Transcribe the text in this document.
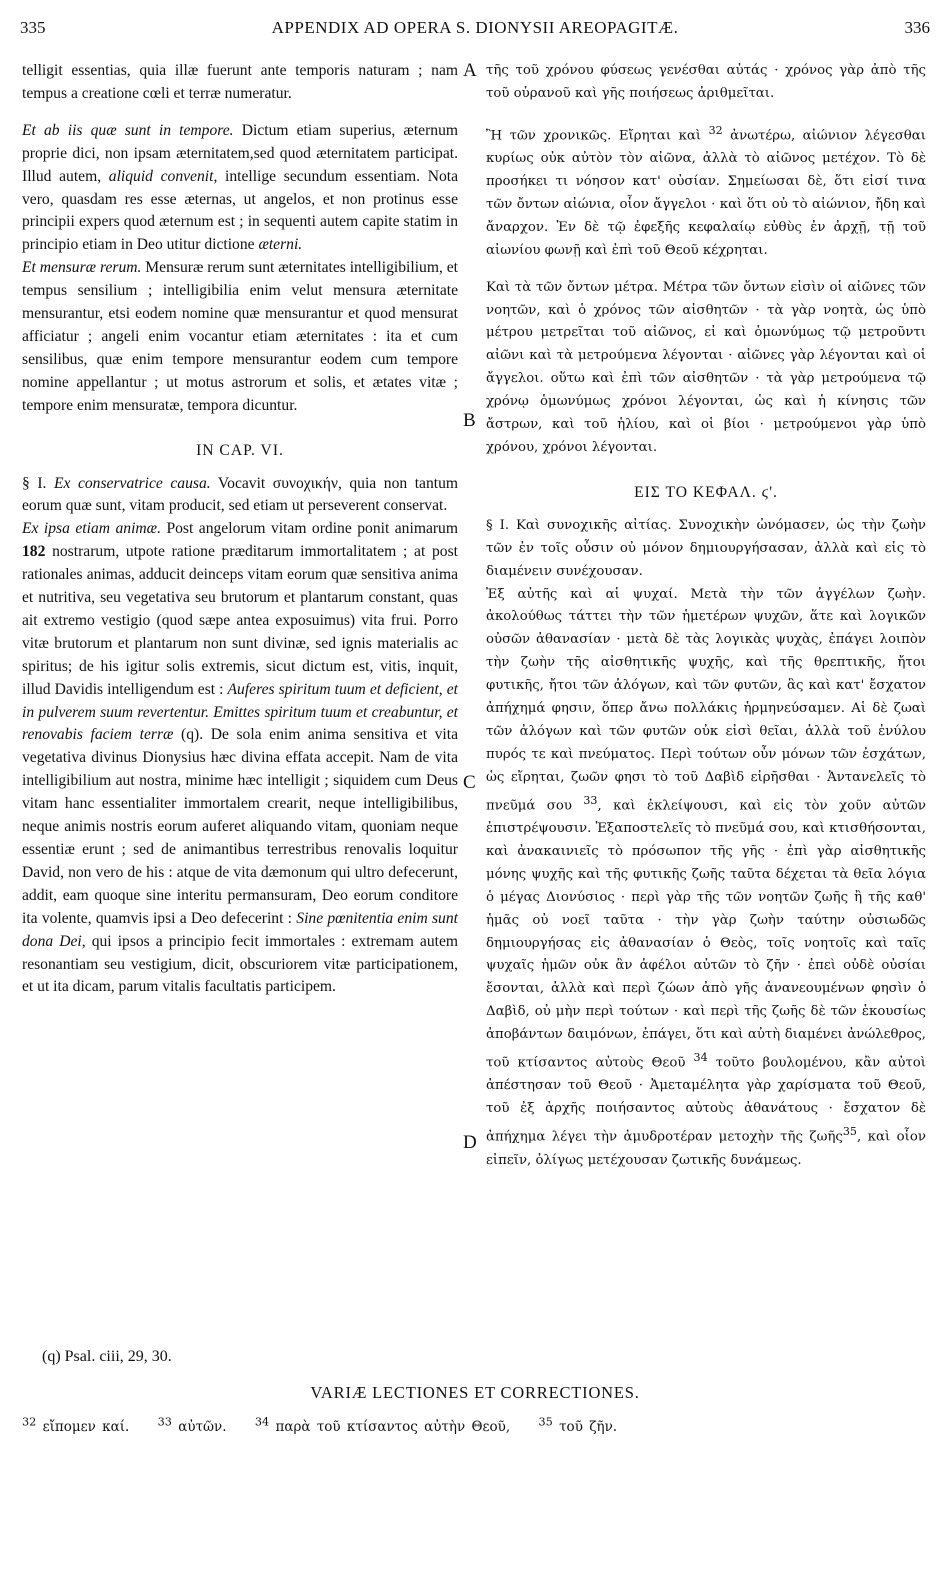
335	APPENDIX AD OPERA S. DIONYSII AREOPAGITÆ.	336
A
B
C
D

telligit essentias, quia illæ fuerunt ante temporis naturam ; nam tempus a creatione cœli et terræ numeratur.

Et ab iis quæ sunt in tempore. Dictum etiam superius, æternum proprie dici, non ipsam æternitatem,sed quod æternitatem participat. Illud autem, aliquid convenit, intellige secundum essentiam. Nota vero, quasdam res esse æternas, ut angelos, et non protinus esse principii expers quod æternum est ; in sequenti autem capite statim in principio etiam in Deo utitur dictione æterni.

Et mensuræ rerum. Mensuræ rerum sunt æternitates intelligibilium, et tempus sensilium ; intelligibilia enim velut mensura æternitate mensurantur, etsi eodem nomine quæ mensurantur et quod mensurat afficiatur ; angeli enim vocantur etiam æternitates : ita et cum sensilibus, quæ enim tempore mensurantur eodem cum tempore nomine appellantur ; ut motus astrorum et solis, et ætates vitæ ; tempore enim mensuratæ, tempora dicuntur.

IN CAP. VI.

§ I. Ex conservatrice causa. Vocavit συνοχικήν, quia non tantum eorum quæ sunt, vitam producit, sed etiam ut perseverent conservat.

Ex ipsa etiam animæ. Post angelorum vitam ordine ponit animarum 182 nostrarum, utpote ratione præditarum immortalitatem ; at post rationales animas, adducit deinceps vitam eorum quæ sensitiva anima et nutritiva, seu vegetativa seu brutorum et plantarum constant, quas ait extremo vestigio (quod sæpe antea exposuimus) vita frui. Porro vitæ brutorum et plantarum non sunt divinæ, sed ignis materialis ac spiritus; de his igitur solis extremis, sicut dictum est, vitis, inquit, illud Davidis intelligendum est : Auferes spiritum tuum et deficient, et in pulverem suum revertentur. Emittes spiritum tuum et creabuntur, et renovabis faciem terræ (q). De sola enim anima sensitiva et vita vegetativa divinus Dionysius hæc divina effata accepit. Nam de vita intelligibilium aut nostra, minime hæc intelligit ; siquidem cum Deus vitam hanc essentialiter immortalem crearit, neque intelligibilibus, neque animis nostris eorum auferet aliquando vitam, quoniam neque essentiæ erunt ; sed de animantibus terrestribus renovalis loquitur David, non vero de his : atque de vita dæmonum qui ultro defecerunt, addit, eam quoque sine interitu permansuram, Deo eorum conditore ita volente, quamvis ipsi a Deo defecerint : Sine pœnitentia enim sunt dona Dei, qui ipsos a principio fecit immortales : extremam autem resonantiam seu vestigium, dicit, obscuriorem vitæ participationem, et ut ita dicam, parum vitalis facultatis participem.

τῆς τοῦ χρόνου φύσεως γενέσθαι αὐτάς · χρόνος γὰρ ἀπὸ τῆς τοῦ οὐρανοῦ καὶ γῆς ποιήσεως ἀριθμεῖται.

Ἢ τῶν χρονικῶς. Εἴρηται καὶ $^{32}$ ἀνωτέρω, αἰώνιον λέγεσθαι κυρίως οὐκ αὐτὸν τὸν αἰῶνα, ἀλλὰ τὸ αἰῶνος μετέχον. Τὸ δὲ προσήκει τι νόησον κατ' οὐσίαν. Σημείωσαι δὲ, ὅτι εἰσί τινα τῶν ὄντων αἰώνια, οἷον ἄγγελοι · καὶ ὅτι οὐ τὸ αἰώνιον, ἤδη καὶ ἄναρχον. Ἐν δὲ τῷ ἐφεξῆς κεφαλαίῳ εὐθὺς ἐν ἀρχῇ, τῇ τοῦ αἰωνίου φωνῇ καὶ ἐπὶ τοῦ Θεοῦ κέχρηται.

Καὶ τὰ τῶν ὄντων μέτρα. Μέτρα τῶν ὄντων εἰσὶν οἱ αἰῶνες τῶν νοητῶν, καὶ ὁ χρόνος τῶν αἰσθητῶν · τὰ γὰρ νοητὰ, ὡς ὑπὸ μέτρου μετρεῖται τοῦ αἰῶνος, εἰ καὶ ὁμωνύμως τῷ μετροῦντι αἰῶνι καὶ τὰ μετρούμενα λέγονται · αἰῶνες γὰρ λέγονται καὶ οἱ ἄγγελοι. οὕτω καὶ ἐπὶ τῶν αἰσθητῶν · τὰ γὰρ μετρούμενα τῷ χρόνῳ ὁμωνύμως χρόνοι λέγονται, ὡς καὶ ἡ κίνησις τῶν ἄστρων, καὶ τοῦ ἡλίου, καὶ οἱ βίοι · μετρούμενοι γὰρ ὑπὸ χρόνου, χρόνοι λέγονται.

ΕΙΣ ΤΟ ΚΕΦΑΛ. ϛ'.

§ I. Καὶ συνοχικῆς αἰτίας. Συνοχικὴν ὠνόμασεν, ὡς τὴν ζωὴν τῶν ἐν τοῖς οὖσιν οὐ μόνον δημιουργήσασαν, ἀλλὰ καὶ εἰς τὸ διαμένειν συνέχουσαν.

Ἐξ αὐτῆς καὶ αἱ ψυχαί. Μετὰ τὴν τῶν ἀγγέλων ζωὴν. ἀκολούθως τάττει τὴν τῶν ἡμετέρων ψυχῶν, ἅτε καὶ λογικῶν οὐσῶν ἀθανασίαν · μετὰ δὲ τὰς λογικὰς ψυχὰς, ἐπάγει λοιπὸν τὴν ζωὴν τῆς αἰσθητικῆς ψυχῆς, καὶ τῆς θρεπτικῆς, ἤτοι φυτικῆς, ἤτοι τῶν ἀλόγων, καὶ τῶν φυτῶν, ἃς καὶ κατ' ἔσχατον ἀπήχημά φησιν, ὅπερ ἄνω πολλάκις ἡρμηνεύσαμεν. Αἱ δὲ ζωαὶ τῶν ἀλόγων καὶ τῶν φυτῶν οὐκ εἰσὶ θεῖαι, ἀλλὰ τοῦ ἐνύλου πυρός τε καὶ πνεύματος. Περὶ τούτων οὖν μόνων τῶν ἐσχάτων, ὡς εἴρηται, ζωῶν φησι τὸ τοῦ Δαβὶδ εἰρῆσθαι · Ἀντανελεῖς τὸ πνεῦμά σου $^{33}$, καὶ ἐκλείψουσι, καὶ εἰς τὸν χοῦν αὐτῶν ἐπιστρέψουσιν. Ἐξαποστελεῖς τὸ πνεῦμά σου, καὶ κτισθήσονται, καὶ ἀνακαινιεῖς τὸ πρόσωπον τῆς γῆς · ἐπὶ γὰρ αἰσθητικῆς μόνης ψυχῆς καὶ τῆς φυτικῆς ζωῆς ταῦτα δέχεται τὰ θεῖα λόγια ὁ μέγας Διονύσιος · περὶ γὰρ τῆς τῶν νοητῶν ζωῆς ἢ τῆς καθ' ἡμᾶς οὐ νοεῖ ταῦτα · τὴν γὰρ ζωὴν ταύτην οὐσιωδῶς δημιουργήσας εἰς ἀθανασίαν ὁ Θεὸς, τοῖς νοητοῖς καὶ ταῖς ψυχαῖς ἡμῶν οὐκ ἂν ἀφέλοι αὐτῶν τὸ ζῆν · ἐπεὶ οὐδὲ οὐσίαι ἔσονται, ἀλλὰ καὶ περὶ ζώων ἀπὸ γῆς ἀνανεουμένων φησὶν ὁ Δαβὶδ, οὐ μὴν περὶ τούτων · καὶ περὶ τῆς ζωῆς δὲ τῶν ἑκουσίως ἀποβάντων δαιμόνων, ἐπάγει, ὅτι καὶ αὐτὴ διαμένει ἀνώλεθρος, τοῦ κτίσαντος αὐτοὺς Θεοῦ $^{34}$ τοῦτο βουλομένου, κἂν αὐτοὶ ἀπέστησαν τοῦ Θεοῦ · Ἀμεταμέλητα γὰρ χαρίσματα τοῦ Θεοῦ, τοῦ ἐξ ἀρχῆς ποιήσαντος αὐτοὺς ἀθανάτους · ἔσχατον δὲ ἀπήχημα λέγει τὴν ἀμυδροτέραν μετοχὴν τῆς ζωῆς$^{35}$, καὶ οἷον εἰπεῖν, ὀλίγως μετέχουσαν ζωτικῆς δυνάμεως.

(q) Psal. ciii, 29, 30.
VARIÆ LECTIONES ET CORRECTIONES.
$^{32}$ εἴπομεν καί.	$^{33}$ αὐτῶν.	$^{34}$ παρὰ τοῦ κτίσαντος αὐτὴν Θεοῦ,	$^{35}$ τοῦ ζῆν.
